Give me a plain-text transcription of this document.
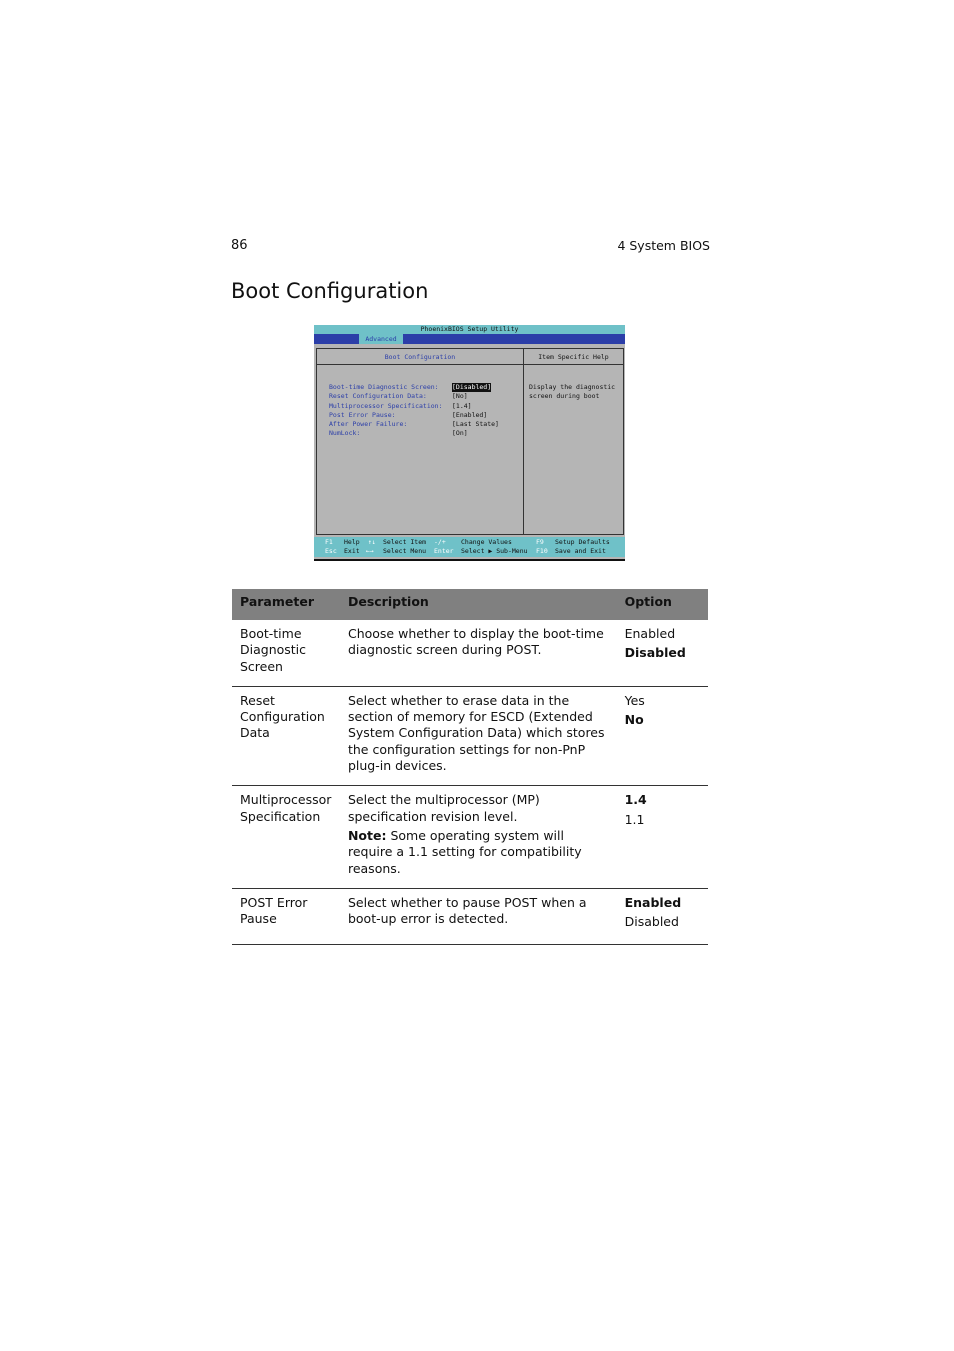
86	4 System BIOS
Boot Configuration
PhoenixBIOS Setup Utility
Advanced
Boot Configuration
Boot-time Diagnostic Screen: [Disabled]
Reset Configuration Data:	[No]
Multiprocessor Specification: [1.4]
Post Error Pause:	[Enabled]
After Power Failure:	[Last State]
NumLock:	[On]
Item Specific Help
Display the diagnostic
screen during boot
F1 Help ↑↓ Select Item -/+ Change Values	F9 Setup Defaults
Esc Exit ←→ Select Menu Enter Select ▶ Sub-Menu F10 Save and Exit
Parameter	Description	Option
Boot-time Diagnostic Screen	Choose whether to display the boot-time diagnostic screen during POST.	Enabled
Disabled

Reset Configuration Data	Select whether to erase data in the section of memory for ESCD (Extended System Configuration Data) which stores the configuration settings for non-PnP plug-in devices.	Yes
No

Multiprocessor Specification	Select the multiprocessor (MP) specification revision level.
Note: Some operating system will require a 1.1 setting for compatibility reasons.	1.4
1.1

POST Error Pause	Select whether to pause POST when a boot-up error is detected.	Enabled
Disabled
